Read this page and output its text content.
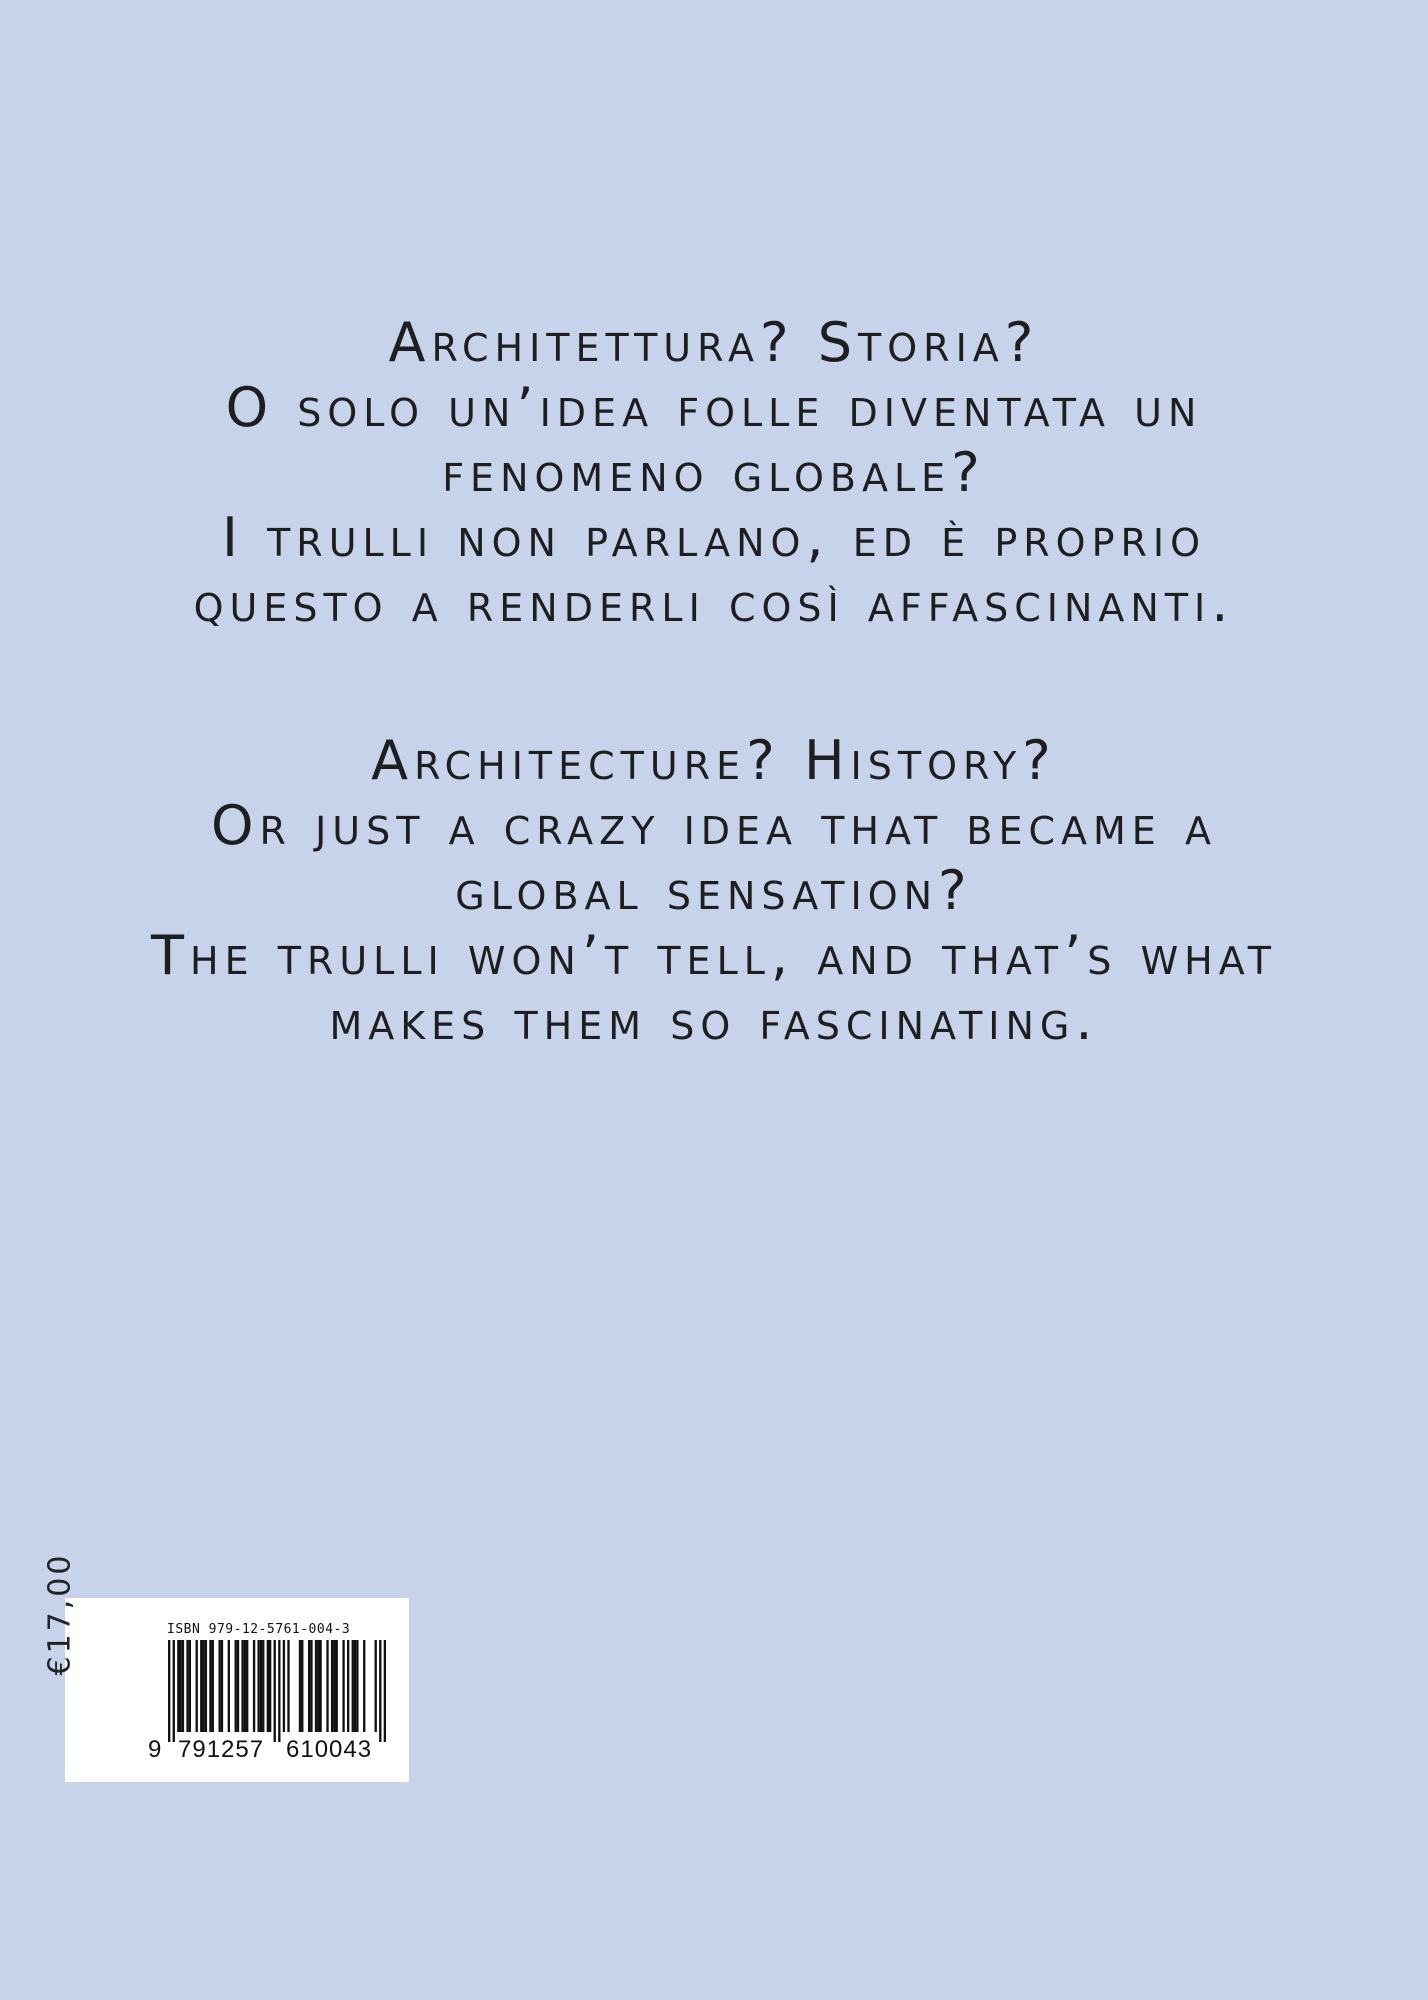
Architettura? Storia?
O solo un’idea folle diventata un
fenomeno globale?
I trulli non parlano, ed è proprio
questo a renderli così affascinanti.
Architecture? History?
Or just a crazy idea that became a
global sensation?
The trulli won’t tell, and that’s what
makes them so fascinating.
€17,00	ISBN 979-12-5761-004-3
9 791257 610043
